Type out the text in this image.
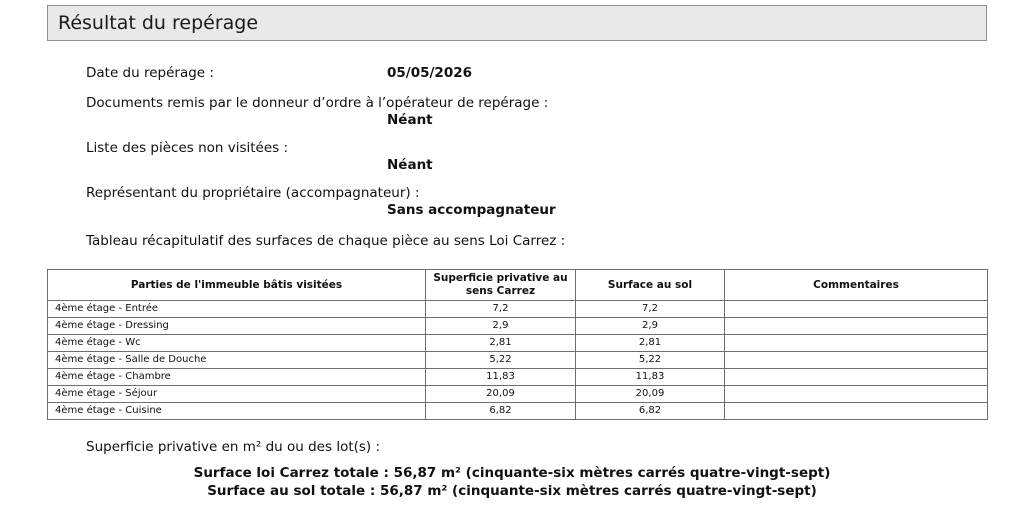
Résultat du repérage
Date du repérage :	05/05/2026
Documents remis par le donneur d’ordre à l’opérateur de repérage :
Néant
Liste des pièces non visitées :
Néant
Représentant du propriétaire (accompagnateur) :
Sans accompagnateur
Tableau récapitulatif des surfaces de chaque pièce au sens Loi Carrez :
Parties de l'immeuble bâtis visitées	Superficie privative au sens Carrez	Surface au sol	Commentaires
4ème étage - Entrée	7,2	7,2	
4ème étage - Dressing	2,9	2,9	
4ème étage - Wc	2,81	2,81	
4ème étage - Salle de Douche	5,22	5,22	
4ème étage - Chambre	11,83	11,83	
4ème étage - Séjour	20,09	20,09	
4ème étage - Cuisine	6,82	6,82	
Superficie privative en m² du ou des lot(s) :
Surface loi Carrez totale : 56,87 m² (cinquante-six mètres carrés quatre-vingt-sept)
Surface au sol totale : 56,87 m² (cinquante-six mètres carrés quatre-vingt-sept)
